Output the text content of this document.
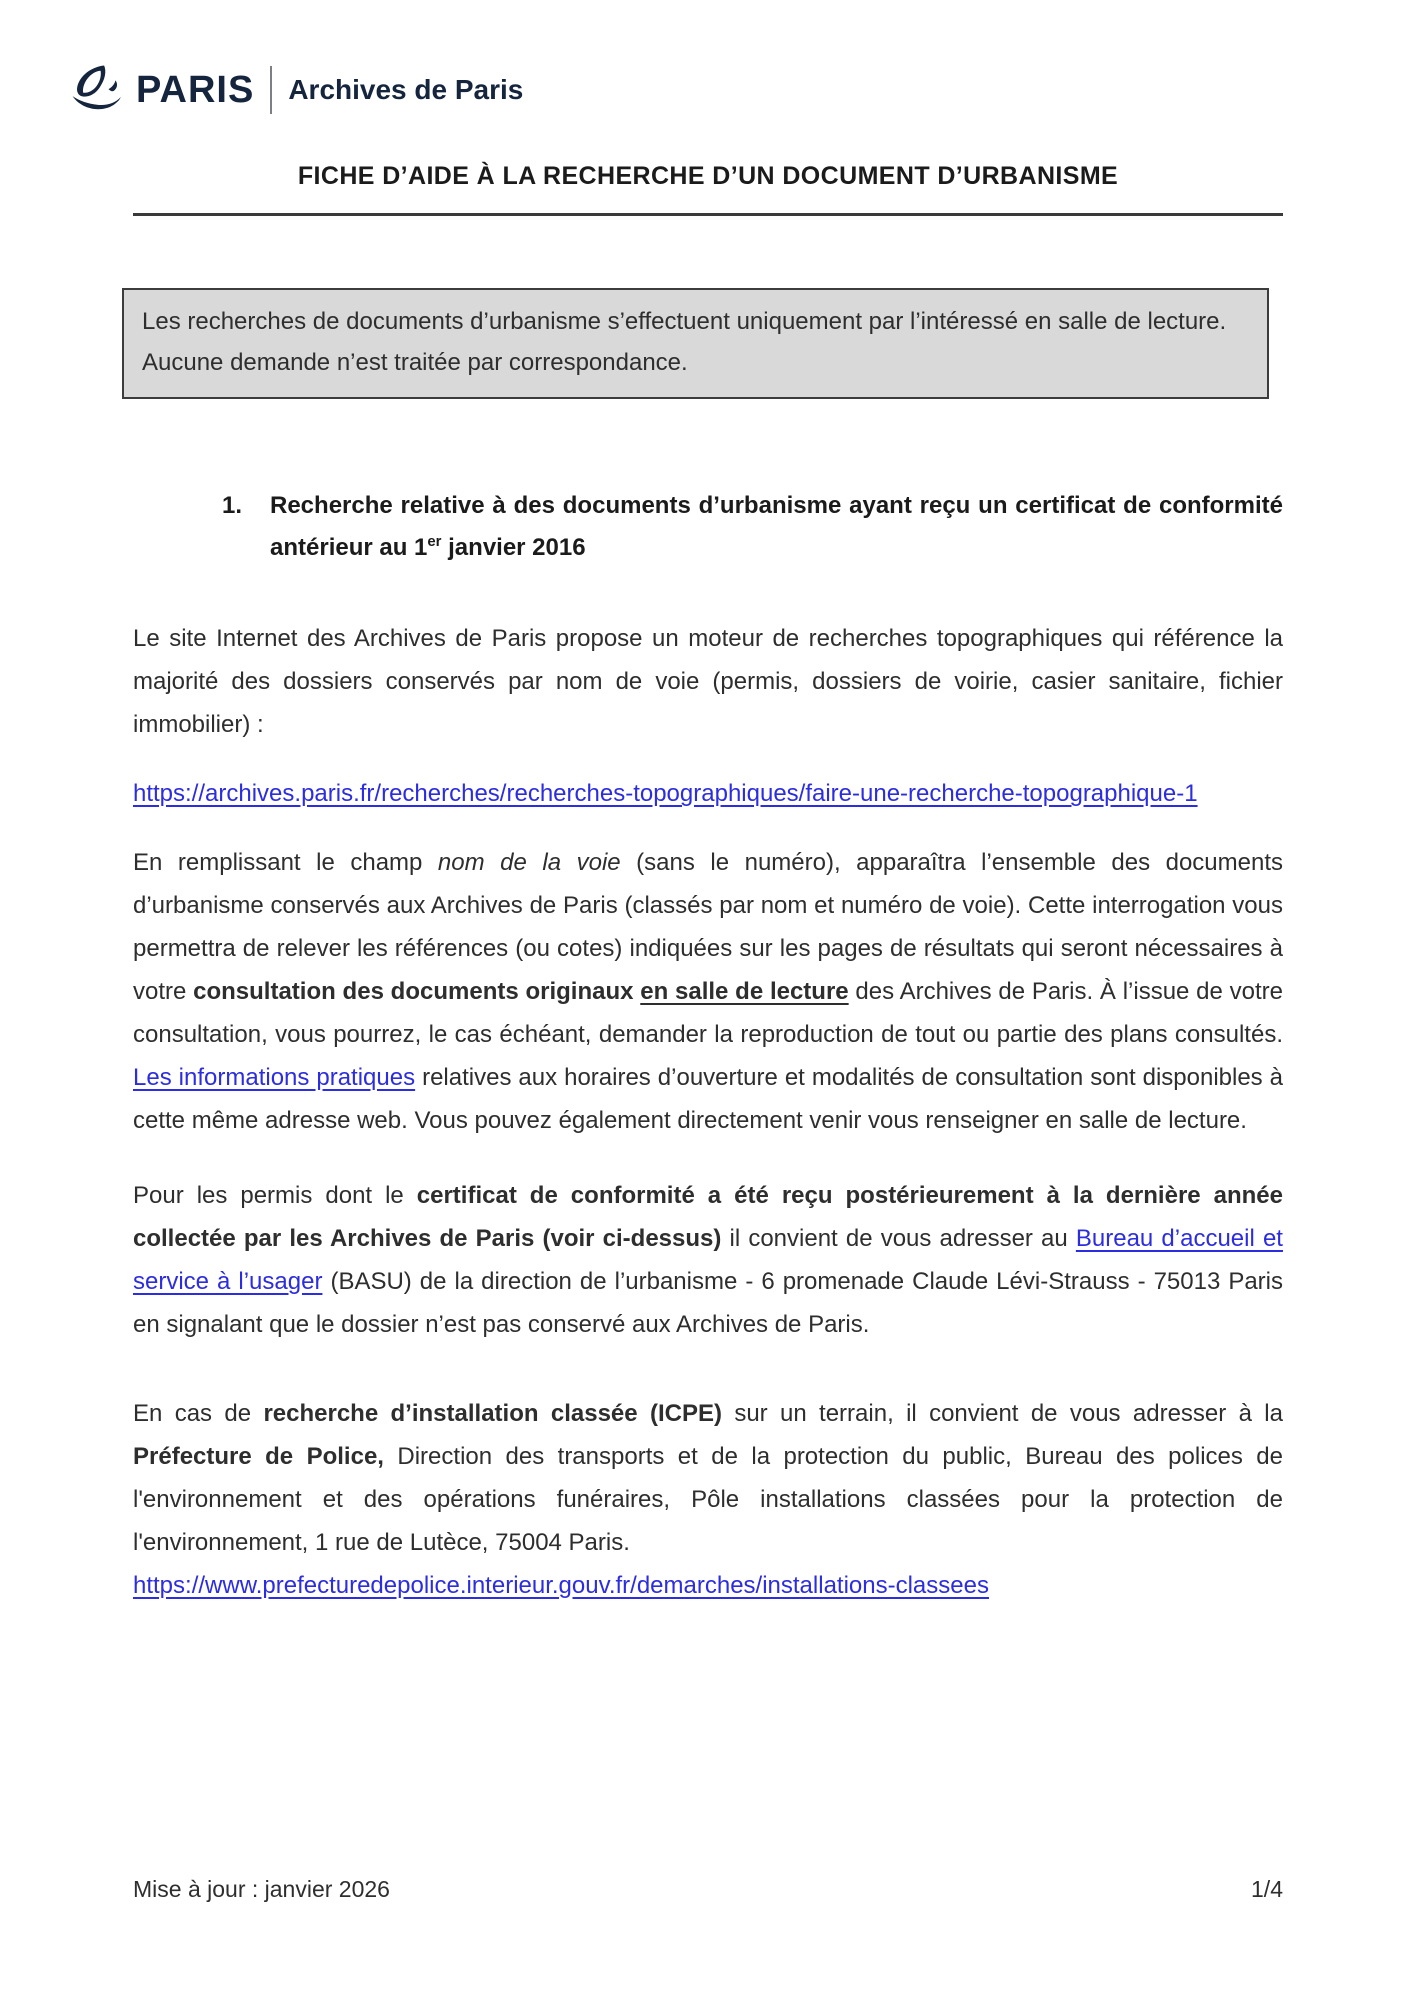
PARIS Archives de Paris
FICHE D’AIDE À LA RECHERCHE D’UN DOCUMENT D’URBANISME
Les recherches de documents d’urbanisme s’effectuent uniquement par l’intéressé en salle de lecture. Aucune demande n’est traitée par correspondance.
1.	Recherche relative à des documents d’urbanisme ayant reçu un certificat de conformité antérieur au 1er janvier 2016

Le site Internet des Archives de Paris propose un moteur de recherches topographiques qui référence la majorité des dossiers conservés par nom de voie (permis, dossiers de voirie, casier sanitaire, fichier immobilier) :

https://archives.paris.fr/recherches/recherches-topographiques/faire-une-recherche-topographique-1

En remplissant le champ nom de la voie (sans le numéro), apparaîtra l’ensemble des documents d’urbanisme conservés aux Archives de Paris (classés par nom et numéro de voie). Cette interrogation vous permettra de relever les références (ou cotes) indiquées sur les pages de résultats qui seront nécessaires à votre consultation des documents originaux en salle de lecture des Archives de Paris. À l’issue de votre consultation, vous pourrez, le cas échéant, demander la reproduction de tout ou partie des plans consultés. Les informations pratiques relatives aux horaires d’ouverture et modalités de consultation sont disponibles à cette même adresse web. Vous pouvez également directement venir vous renseigner en salle de lecture.

Pour les permis dont le certificat de conformité a été reçu postérieurement à la dernière année collectée par les Archives de Paris (voir ci-dessus) il convient de vous adresser au Bureau d’accueil et service à l’usager (BASU) de la direction de l’urbanisme - 6 promenade Claude Lévi-Strauss - 75013 Paris en signalant que le dossier n’est pas conservé aux Archives de Paris.

En cas de recherche d’installation classée (ICPE) sur un terrain, il convient de vous adresser à la Préfecture de Police, Direction des transports et de la protection du public, Bureau des polices de l'environnement et des opérations funéraires, Pôle installations classées pour la protection de l'environnement, 1 rue de Lutèce, 75004 Paris.
https://www.prefecturedepolice.interieur.gouv.fr/demarches/installations-classees

Mise à jour : janvier 2026	1/4
